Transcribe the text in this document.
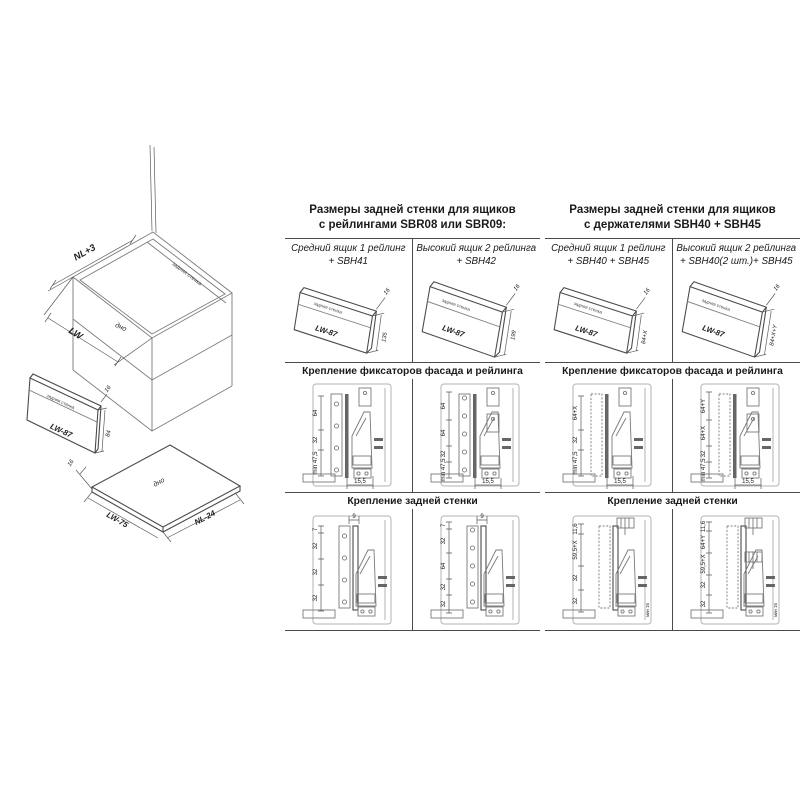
NL+3
LW
задняя стенка
дно
задняя стенка
LW-87
16
84
дно
LW-75	NL-24
16
Размеры задней стенки для ящиков
с рейлингами SBR08 или SBR09:
Средний ящик 1 рейлинг
+ SBH41
Высокий ящик 2 рейлинга
+ SBH42
задняя стенка
LW-87
16
135
задняя стенка
LW-87
16
199
Крепление фиксаторов фасада и рейлинга
64
32
min 47,5
15,5
64
64
32
min 47,5
15,5
Крепление задней стенки
9
7
32
32
32
9
7
32
64
32
32
Размеры задней стенки для ящиков
с держателями SBH40 + SBH45
Средний ящик 1 рейлинг
+ SBH40 + SBH45
Высокий ящик 2 рейлинга
+ SBH40(2 шт.)+ SBH45
задняя стенка
LW-87
16
84+X
задняя стенка
LW-87
16
84+X+Y
Крепление фиксаторов фасада и рейлинга
64+X
32
min 47,5
15,5
64+Y
64+X
32
min 47,5
15,5
Крепление задней стенки
11,6
59,5+X
32
32
мин 16
11,6
64+Y
59,5+X
32
32	мин 16
